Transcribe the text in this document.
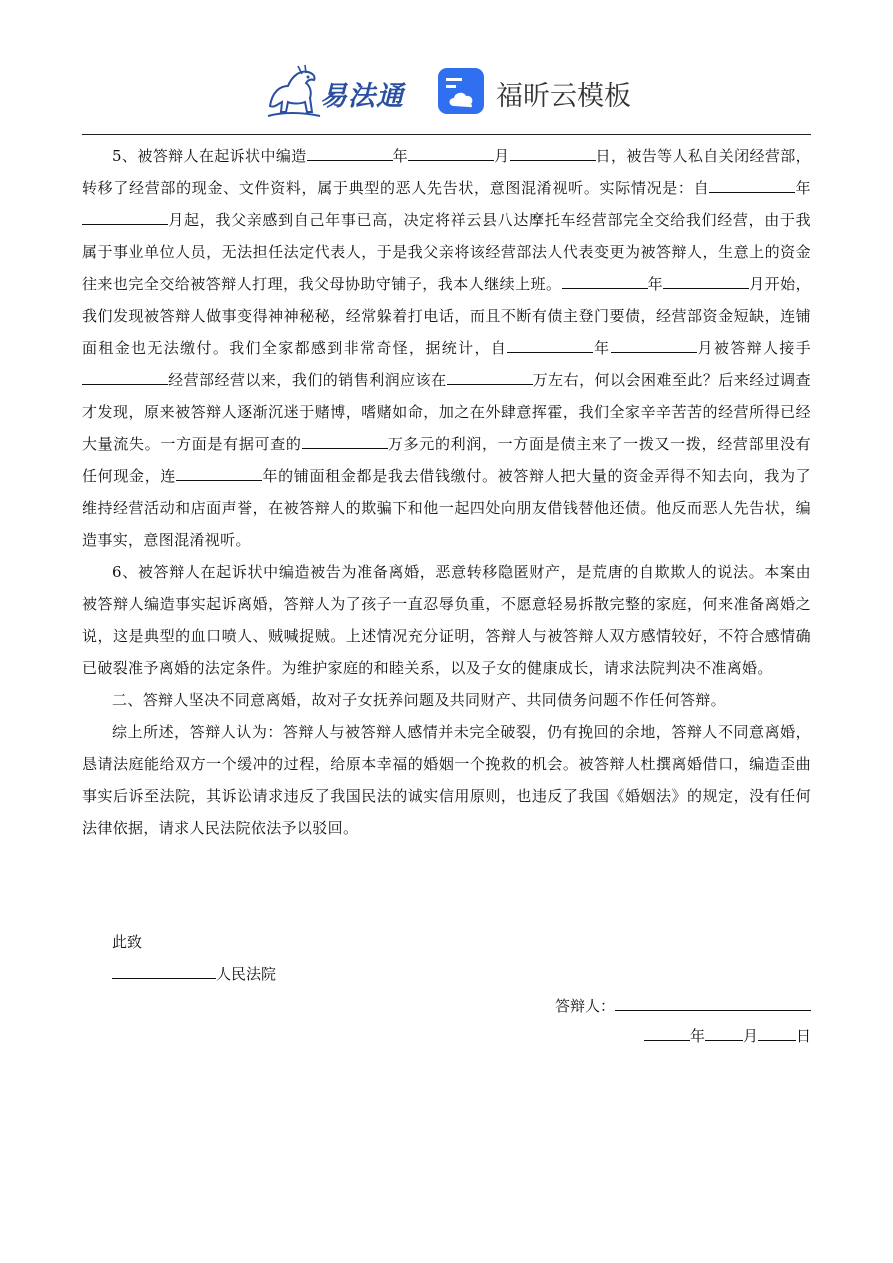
易法通	福昕云模板

5、被答辩人在起诉状中编造	年	月	日，被告等人私自关闭经营部，转移了经营部的现金、文件资料，属于典型的恶人先告状，意图混淆视听。实际情况是：自	年月起，我父亲感到自己年事已高，决定将祥云县八达摩托车经营部完全交给我们经营，由于我属于事业单位人员，无法担任法定代表人，于是我父亲将该经营部法人代表变更为被答辩人，生意上的资金往来也完全交给被答辩人打理，我父母协助守铺子，我本人继续上班。	年	月开始，我们发现被答辩人做事变得神神秘秘，经常躲着打电话，而且不断有债主登门要债，经营部资金短缺，连铺面租金也无法缴付。我们全家都感到非常奇怪，据统计，自	年	月被答辩人接手经营部经营以来，我们的销售利润应该在	万左右，何以会困难至此？后来经过调查才发现，原来被答辩人逐渐沉迷于赌博，嗜赌如命，加之在外肆意挥霍，我们全家辛辛苦苦的经营所得已经大量流失。一方面是有据可查的	万多元的利润，一方面是债主来了一拨又一拨，经营部里没有任何现金，连	年的铺面租金都是我去借钱缴付。被答辩人把大量的资金弄得不知去向，我为了维持经营活动和店面声誉，在被答辩人的欺骗下和他一起四处向朋友借钱替他还债。他反而恶人先告状，编造事实，意图混淆视听。

6、被答辩人在起诉状中编造被告为准备离婚，恶意转移隐匿财产，是荒唐的自欺欺人的说法。本案由被答辩人编造事实起诉离婚，答辩人为了孩子一直忍辱负重，不愿意轻易拆散完整的家庭，何来准备离婚之说，这是典型的血口喷人、贼喊捉贼。上述情况充分证明，答辩人与被答辩人双方感情较好，不符合感情确已破裂准予离婚的法定条件。为维护家庭的和睦关系，以及子女的健康成长，请求法院判决不准离婚。

二、答辩人坚决不同意离婚，故对子女抚养问题及共同财产、共同债务问题不作任何答辩。

综上所述，答辩人认为：答辩人与被答辩人感情并未完全破裂，仍有挽回的余地，答辩人不同意离婚，恳请法庭能给双方一个缓冲的过程，给原本幸福的婚姻一个挽救的机会。被答辩人杜撰离婚借口，编造歪曲事实后诉至法院，其诉讼请求违反了我国民法的诚实信用原则，也违反了我国《婚姻法》的规定，没有任何法律依据，请求人民法院依法予以驳回。

此致
人民法院
答辩人：
年	月	日
